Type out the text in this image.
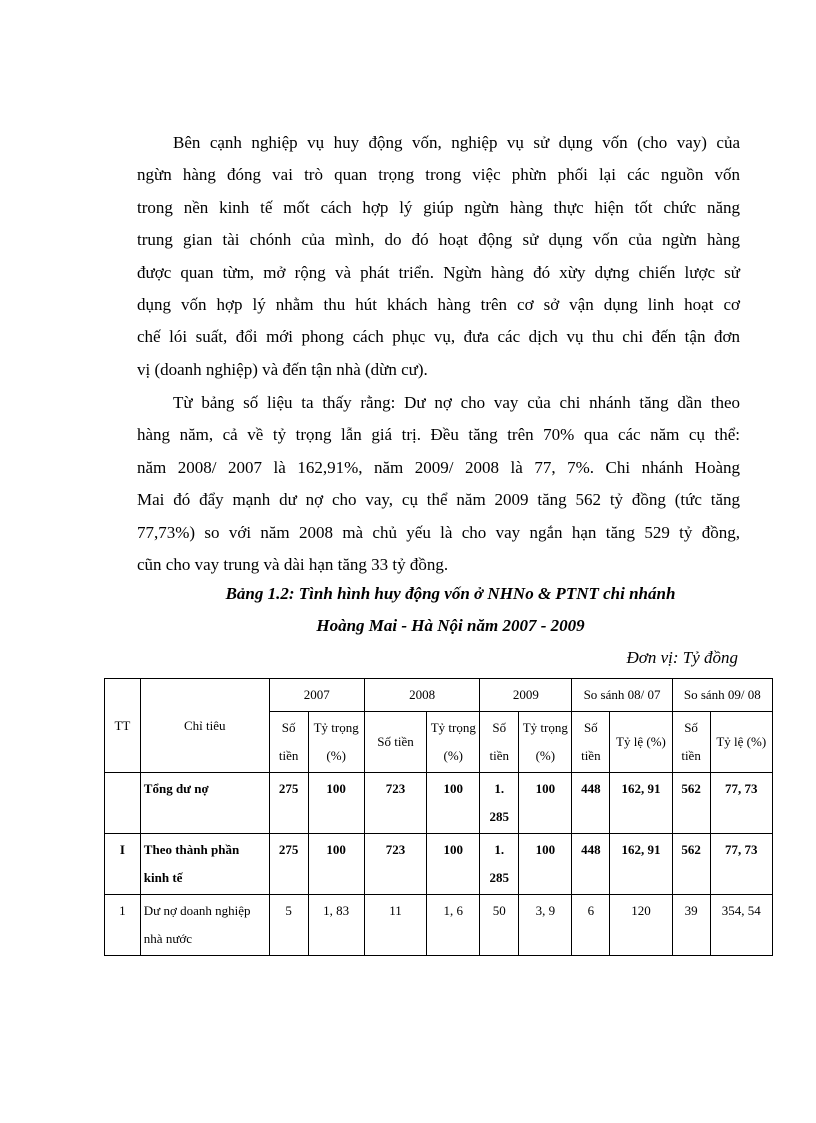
Bên cạnh nghiệp vụ huy động vốn, nghiệp vụ sử dụng vốn (cho vay) của
ngừn hàng đóng vai trò quan trọng trong việc phừn phối lại các nguồn vốn
trong nền kinh tế mốt cách hợp lý giúp ngừn hàng thực hiện tốt chức năng
trung gian tài chónh của mình, do đó hoạt động sử dụng vốn của ngừn hàng
được quan từm, mở rộng và phát triển. Ngừn hàng đó xừy dựng chiến lược sử
dụng vốn hợp lý nhằm thu hút khách hàng trên cơ sở vận dụng linh hoạt cơ
chế lói suất, đổi mới phong cách phục vụ, đưa các dịch vụ thu chi đến tận đơn
vị (doanh nghiệp) và đến tận nhà (dừn cư).
Từ bảng số liệu ta thấy rằng: Dư nợ cho vay của chi nhánh tăng dần theo
hàng năm, cả về tỷ trọng lẫn giá trị. Đều tăng trên 70% qua các năm cụ thể:
năm 2008/ 2007 là 162,91%, năm 2009/ 2008 là 77, 7%. Chi nhánh Hoàng
Mai đó đẩy mạnh dư nợ cho vay, cụ thể năm 2009 tăng 562 tỷ đồng (tức tăng
77,73%) so với năm 2008 mà chủ yếu là cho vay ngắn hạn tăng 529 tỷ đồng,
cũn cho vay trung và dài hạn tăng 33 tỷ đồng.

Bảng 1.2: Tình hình huy động vốn ở NHNo & PTNT chi nhánh

Hoàng Mai - Hà Nội năm 2007 - 2009

Đơn vị: Tỷ đồng

TT	Chỉ tiêu	2007		2008		2009		So sánh 08/ 07		So sánh 09/ 08	
		Số tiền	Tỷ trọng (%)	Số tiền	Tỷ trọng (%)	Số tiền	Tỷ trọng (%)	Số tiền	Tỷ lệ (%)	Số tiền	Tỷ lệ (%)
	Tổng dư nợ	275	100	723	100	1. 285	100	448	162, 91	562	77, 73
I	Theo thành phần kinh tế	275	100	723	100	1. 285	100	448	162, 91	562	77, 73
1	Dư nợ doanh nghiệp nhà nước	5	1, 83	11	1, 6	50	3, 9	6	120	39	354, 54
